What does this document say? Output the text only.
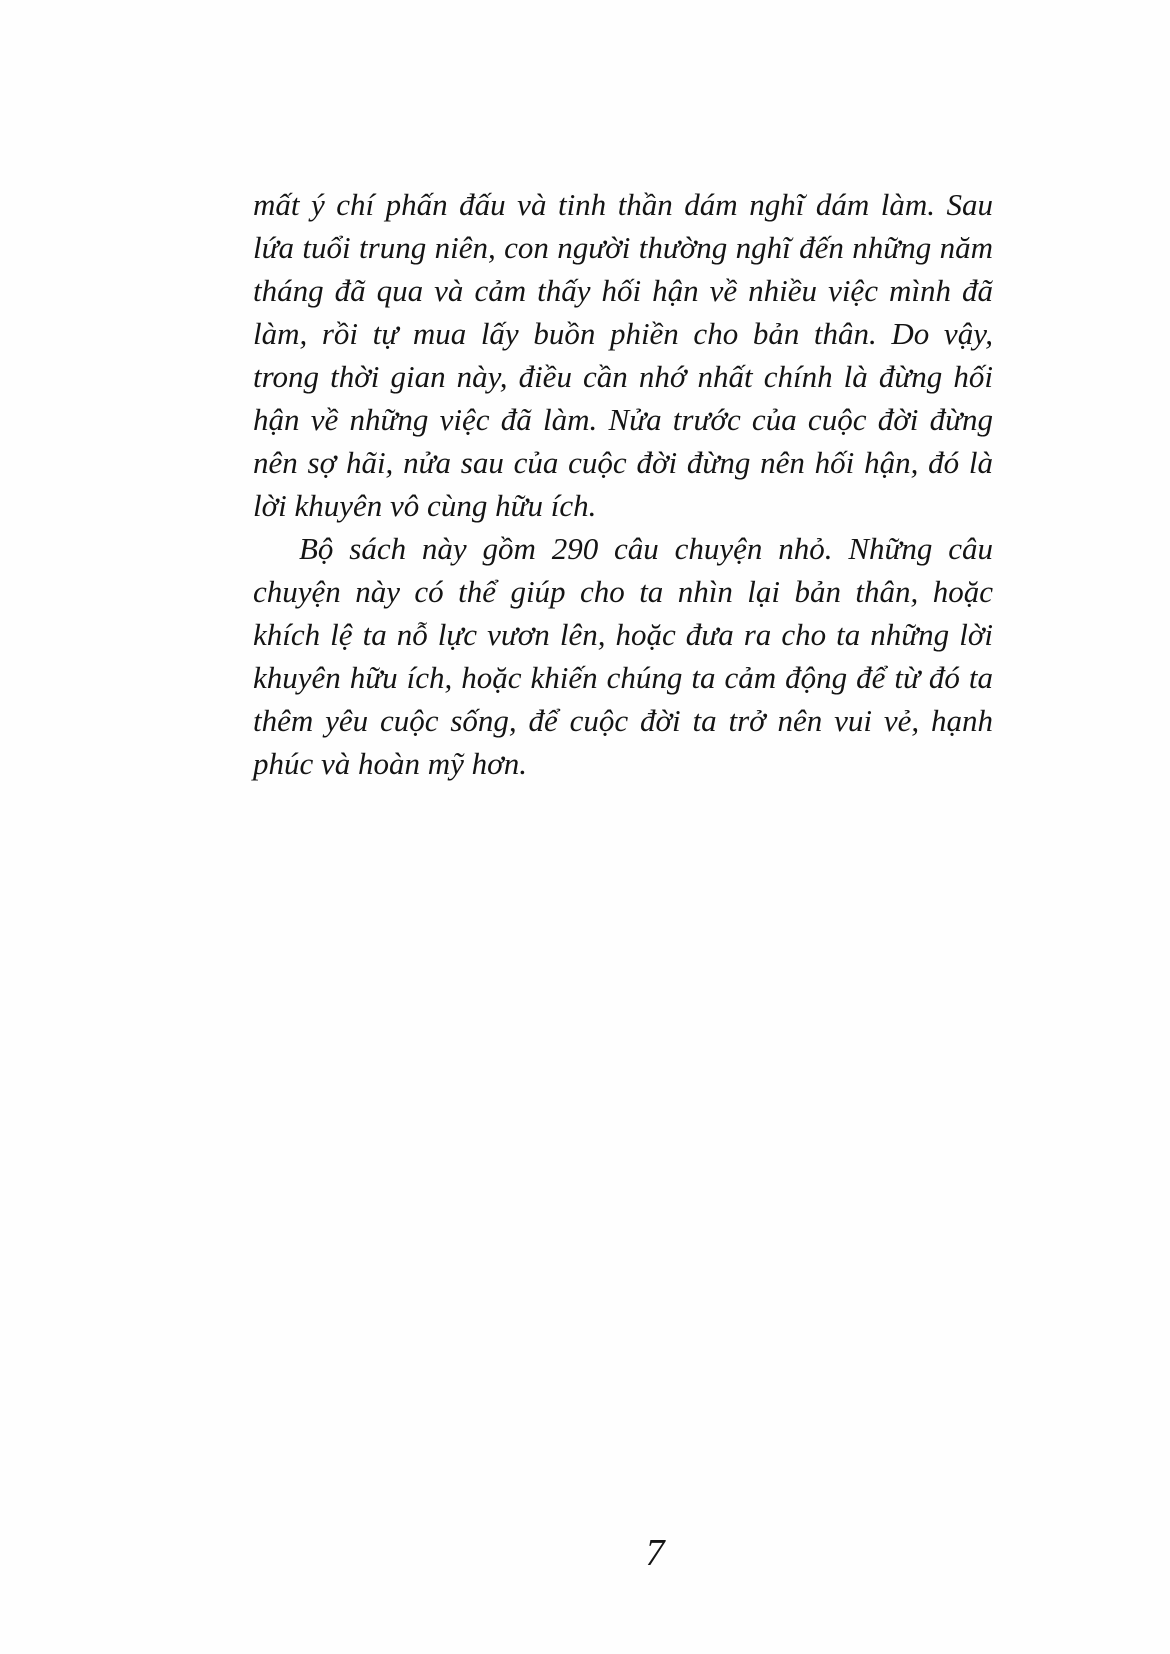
mất ý chí phấn đấu và tinh thần dám nghĩ dám làm. Sau
lứa tuổi trung niên, con người thường nghĩ đến những năm
tháng đã qua và cảm thấy hối hận về nhiều việc mình đã
làm, rồi tự mua lấy buồn phiền cho bản thân. Do vậy,
trong thời gian này, điều cần nhớ nhất chính là đừng hối
hận về những việc đã làm. Nửa trước của cuộc đời đừng
nên sợ hãi, nửa sau của cuộc đời đừng nên hối hận, đó là
lời khuyên vô cùng hữu ích.
Bộ sách này gồm 290 câu chuyện nhỏ. Những câu
chuyện này có thể giúp cho ta nhìn lại bản thân, hoặc
khích lệ ta nỗ lực vươn lên, hoặc đưa ra cho ta những lời
khuyên hữu ích, hoặc khiến chúng ta cảm động để từ đó ta
thêm yêu cuộc sống, để cuộc đời ta trở nên vui vẻ, hạnh
phúc và hoàn mỹ hơn.
7
